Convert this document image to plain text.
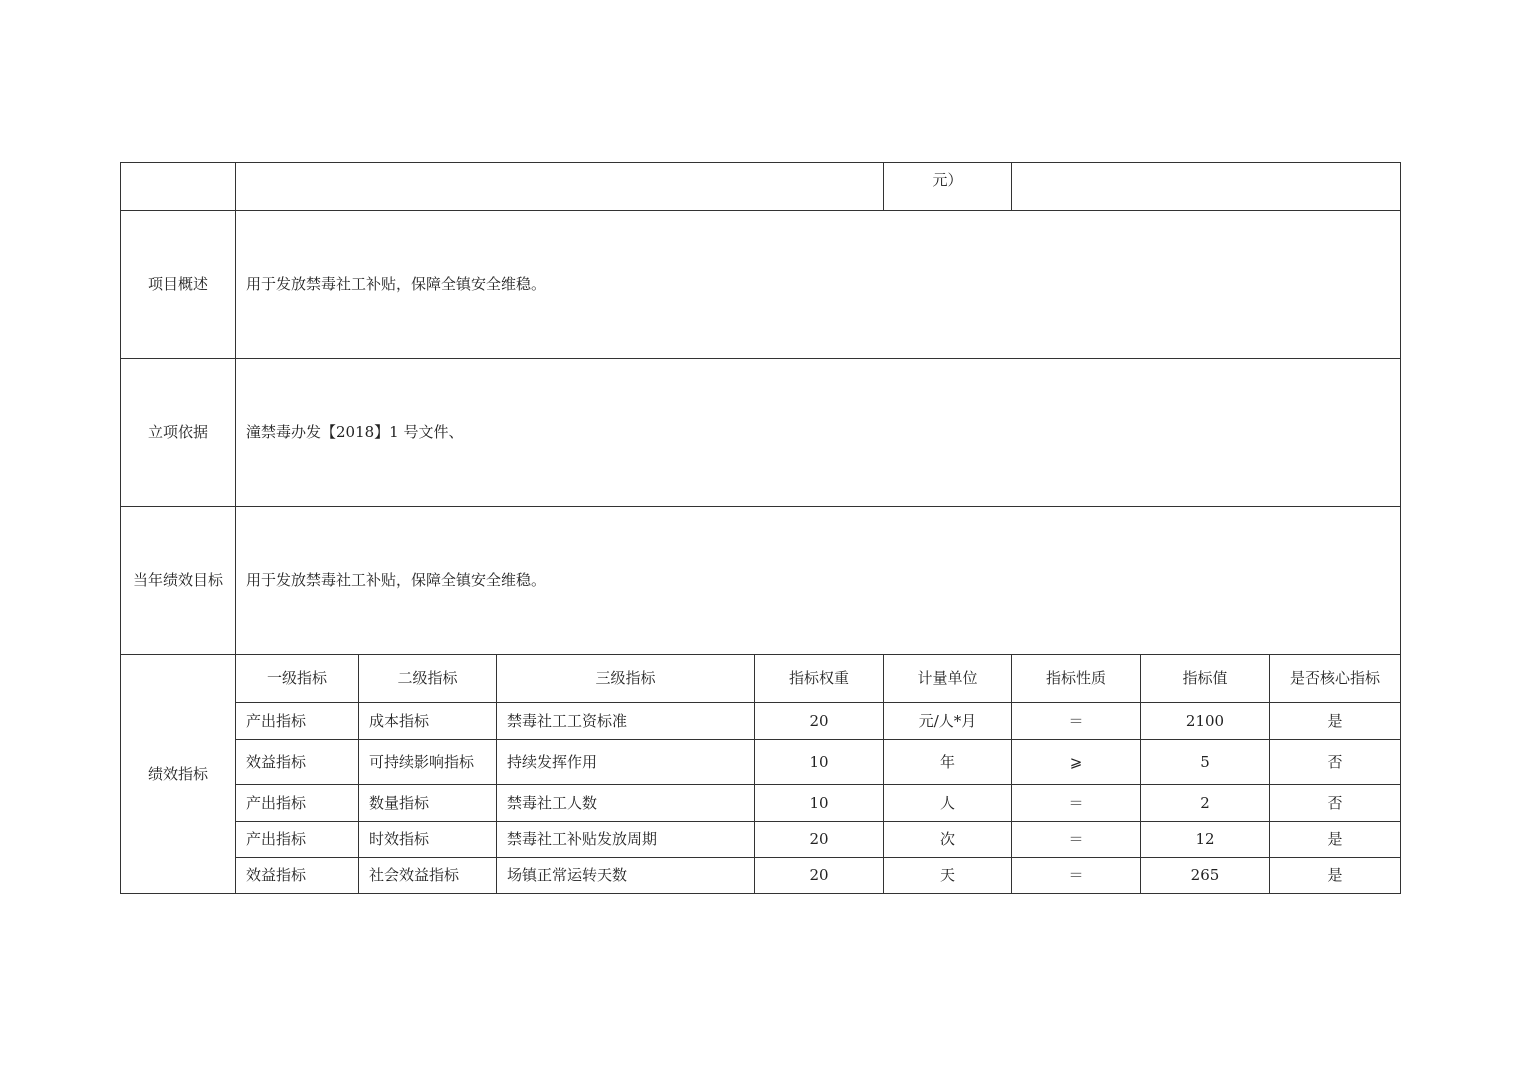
					元）			
项目概述	用于发放禁毒社工补贴，保障全镇安全维稳。							
立项依据	潼禁毒办发【2018】1 号文件、							
当年绩效目标	用于发放禁毒社工补贴，保障全镇安全维稳。							
绩效指标	一级指标	二级指标	三级指标	指标权重	计量单位	指标性质	指标值	是否核心指标
	产出指标	成本指标	禁毒社工工资标准	20	元/人*月	＝	2100	是
	效益指标	可持续影响指标	持续发挥作用	10	年	⩾	5	否
	产出指标	数量指标	禁毒社工人数	10	人	＝	2	否
	产出指标	时效指标	禁毒社工补贴发放周期	20	次	＝	12	是
	效益指标	社会效益指标	场镇正常运转天数	20	天	＝	265	是
